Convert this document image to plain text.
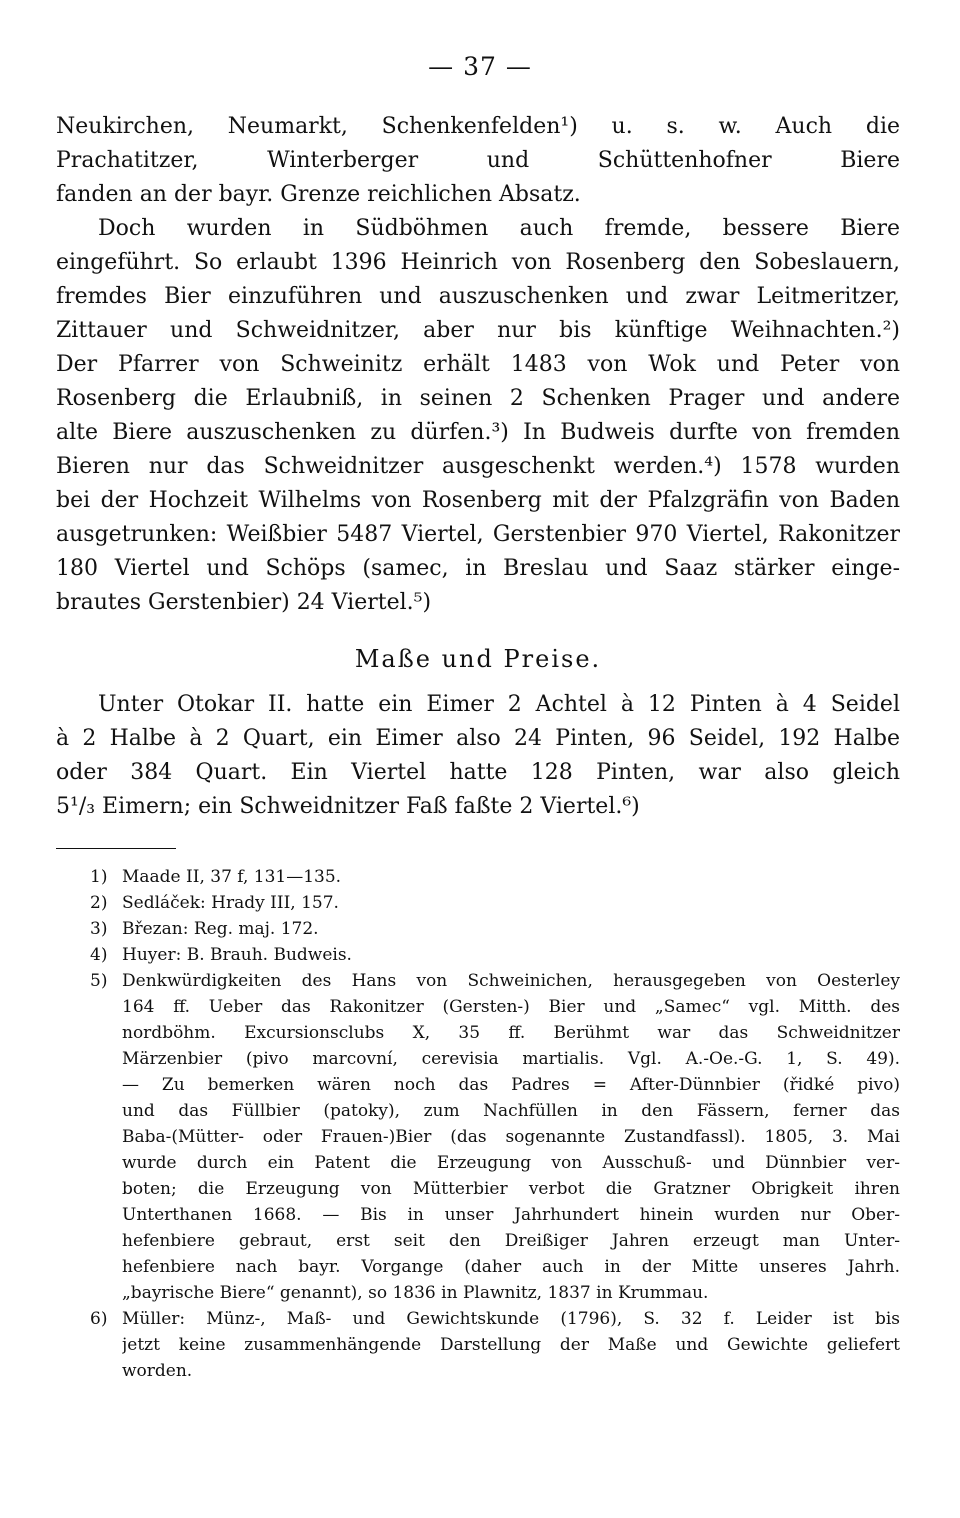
— 37 —
Neukirchen, Neumarkt, Schenkenfelden¹) u. s. w. Auch die
Prachatitzer, Winterberger und Schüttenhofner Biere
fanden an der bayr. Grenze reichlichen Absatz.
Doch wurden in Südböhmen auch fremde, bessere Biere
eingeführt. So erlaubt 1396 Heinrich von Rosenberg den Sobeslauern,
fremdes Bier einzuführen und auszuschenken und zwar Leitmeritzer,
Zittauer und Schweidnitzer, aber nur bis künftige Weihnachten.²)
Der Pfarrer von Schweinitz erhält 1483 von Wok und Peter von
Rosenberg die Erlaubniß, in seinen 2 Schenken Prager und andere
alte Biere auszuschenken zu dürfen.³) In Budweis durfte von fremden
Bieren nur das Schweidnitzer ausgeschenkt werden.⁴) 1578 wurden
bei der Hochzeit Wilhelms von Rosenberg mit der Pfalzgräfin von Baden
ausgetrunken: Weißbier 5487 Viertel, Gerstenbier 970 Viertel, Rakonitzer
180 Viertel und Schöps (samec, in Breslau und Saaz stärker einge-
brautes Gerstenbier) 24 Viertel.⁵)
Maße und Preise.
Unter Otokar II. hatte ein Eimer 2 Achtel à 12 Pinten à 4 Seidel
à 2 Halbe à 2 Quart, ein Eimer also 24 Pinten, 96 Seidel, 192 Halbe
oder 384 Quart. Ein Viertel hatte 128 Pinten, war also gleich
5¹/₃ Eimern; ein Schweidnitzer Faß faßte 2 Viertel.⁶)
1) Maade II, 37 f, 131—135.
2) Sedláček: Hrady III, 157.
3) Březan: Reg. maj. 172.
4) Huyer: B. Brauh. Budweis.
5) Denkwürdigkeiten des Hans von Schweinichen, herausgegeben von Oesterley
164 ff. Ueber das Rakonitzer (Gersten-) Bier und „Samec“ vgl. Mitth. des
nordböhm. Excursionsclubs X, 35 ff. Berühmt war das Schweidnitzer
Märzenbier (pivo marcovní, cerevisia martialis. Vgl. A.-Oe.-G. 1, S. 49).
— Zu bemerken wären noch das Padres = After-Dünnbier (řidké pivo)
und das Füllbier (patoky), zum Nachfüllen in den Fässern, ferner das
Baba-(Mütter- oder Frauen-)Bier (das sogenannte Zustandfassl). 1805, 3. Mai
wurde durch ein Patent die Erzeugung von Ausschuß- und Dünnbier ver-
boten; die Erzeugung von Mütterbier verbot die Gratzner Obrigkeit ihren
Unterthanen 1668. — Bis in unser Jahrhundert hinein wurden nur Ober-
hefenbiere gebraut, erst seit den Dreißiger Jahren erzeugt man Unter-
hefenbiere nach bayr. Vorgange (daher auch in der Mitte unseres Jahrh.
„bayrische Biere“ genannt), so 1836 in Plawnitz, 1837 in Krummau.
6) Müller: Münz-, Maß- und Gewichtskunde (1796), S. 32 f. Leider ist bis
jetzt keine zusammenhängende Darstellung der Maße und Gewichte geliefert
worden.
